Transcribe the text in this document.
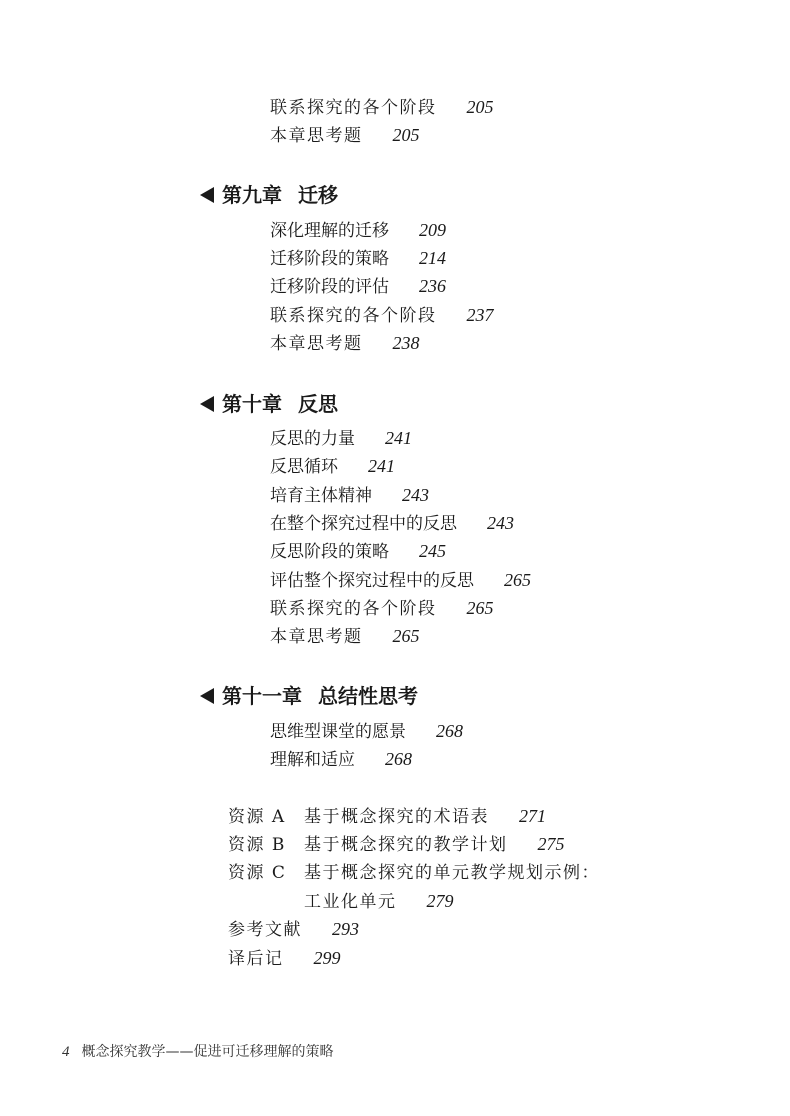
联系探究的各个阶段 205
本章思考题 205
第九章 迁移
深化理解的迁移 209
迁移阶段的策略 214
迁移阶段的评估 236
联系探究的各个阶段 237
本章思考题 238
第十章 反思
反思的力量 241
反思循环 241
培育主体精神 243
在整个探究过程中的反思 243
反思阶段的策略 245
评估整个探究过程中的反思 265
联系探究的各个阶段 265
本章思考题 265
第十一章 总结性思考
思维型课堂的愿景 268
理解和适应 268
资源 A 基于概念探究的术语表 271
资源 B 基于概念探究的教学计划 275
资源 C 基于概念探究的单元教学规划示例：
工业化单元 279
参考文献 293
译后记 299
4 概念探究教学——促进可迁移理解的策略
